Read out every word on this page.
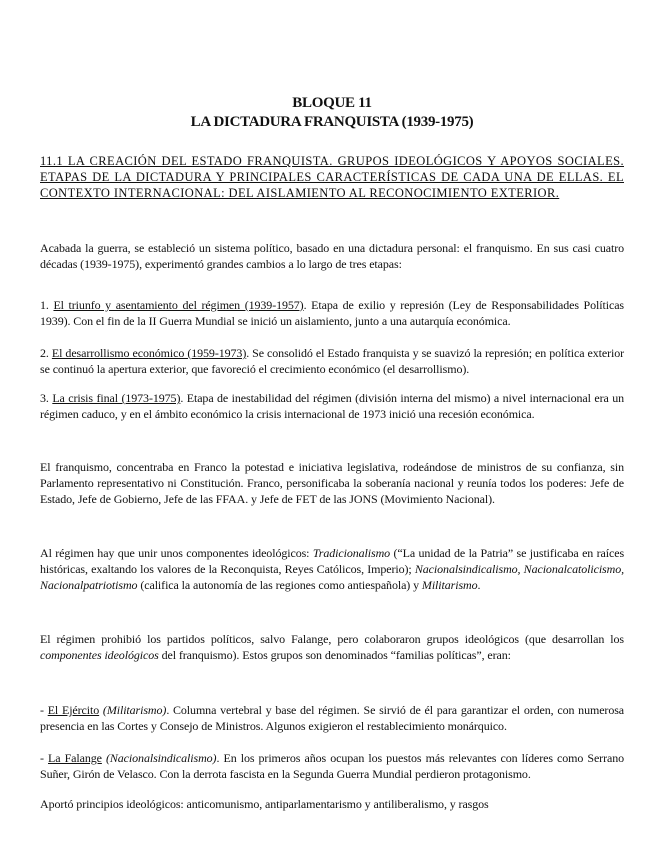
BLOQUE 11
LA DICTADURA FRANQUISTA (1939-1975)
11.1 LA CREACIÓN DEL ESTADO FRANQUISTA. GRUPOS IDEOLÓGICOS Y APOYOS SOCIALES. ETAPAS DE LA DICTADURA Y PRINCIPALES CARACTERÍSTICAS DE CADA UNA DE ELLAS. EL CONTEXTO INTERNACIONAL: DEL AISLAMIENTO AL RECONOCIMIENTO EXTERIOR.
Acabada la guerra, se estableció un sistema político, basado en una dictadura personal: el franquismo. En sus casi cuatro décadas (1939-1975), experimentó grandes cambios a lo largo de tres etapas:
1. El triunfo y asentamiento del régimen (1939-1957). Etapa de exilio y represión (Ley de Responsabilidades Políticas 1939). Con el fin de la II Guerra Mundial se inició un aislamiento, junto a una autarquía económica.
2. El desarrollismo económico (1959-1973). Se consolidó el Estado franquista y se suavizó la represión; en política exterior se continuó la apertura exterior, que favoreció el crecimiento económico (el desarrollismo).
3. La crisis final (1973-1975). Etapa de inestabilidad del régimen (división interna del mismo) a nivel internacional era un régimen caduco, y en el ámbito económico la crisis internacional de 1973 inició una recesión económica.
El franquismo, concentraba en Franco la potestad e iniciativa legislativa, rodeándose de ministros de su confianza, sin Parlamento representativo ni Constitución. Franco, personificaba la soberanía nacional y reunía todos los poderes: Jefe de Estado, Jefe de Gobierno, Jefe de las FFAA. y Jefe de FET de las JONS (Movimiento Nacional).
Al régimen hay que unir unos componentes ideológicos: Tradicionalismo (“La unidad de la Patria” se justificaba en raíces históricas, exaltando los valores de la Reconquista, Reyes Católicos, Imperio); Nacionalsindicalismo, Nacionalcatolicismo, Nacionalpatriotismo (califica la autonomía de las regiones como antiespañola) y Militarismo.
El régimen prohibió los partidos políticos, salvo Falange, pero colaboraron grupos ideológicos (que desarrollan los componentes ideológicos del franquismo). Estos grupos son denominados “familias políticas”, eran:
- El Ejército (Militarismo). Columna vertebral y base del régimen. Se sirvió de él para garantizar el orden, con numerosa presencia en las Cortes y Consejo de Ministros. Algunos exigieron el restablecimiento monárquico.
- La Falange (Nacionalsindicalismo). En los primeros años ocupan los puestos más relevantes con líderes como Serrano Suñer, Girón de Velasco. Con la derrota fascista en la Segunda Guerra Mundial perdieron protagonismo.
Aportó principios ideológicos: anticomunismo, antiparlamentarismo y antiliberalismo, y rasgos
